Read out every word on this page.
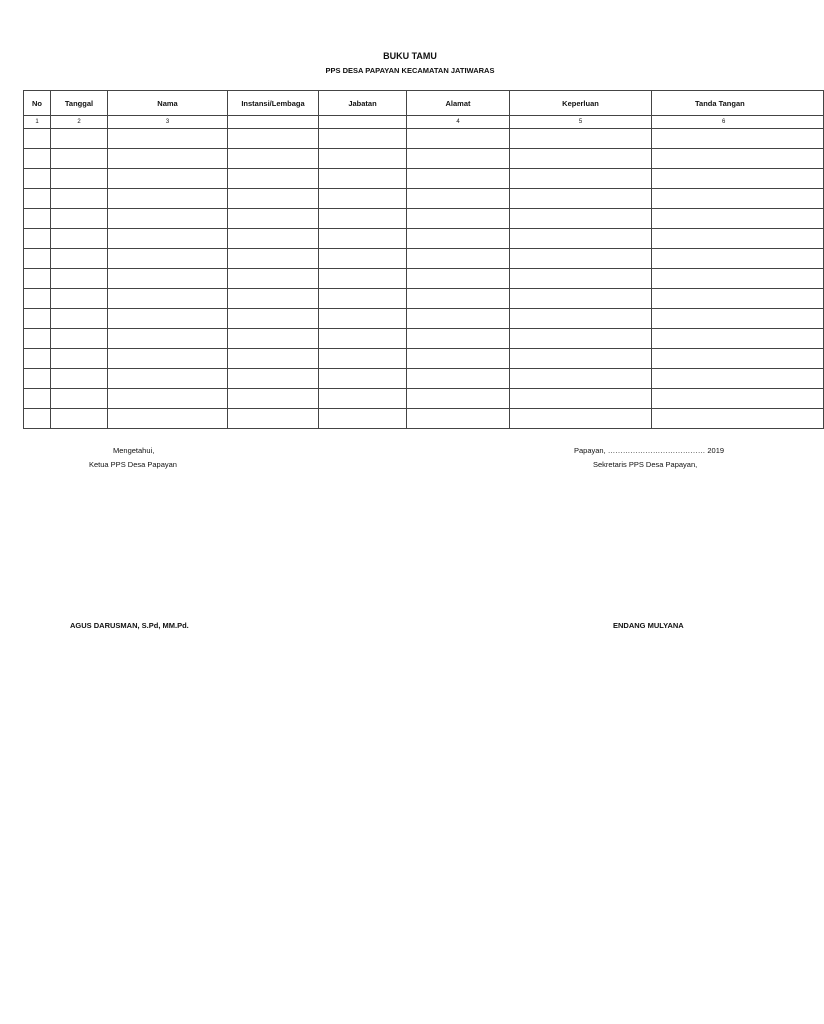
BUKU TAMU
PPS DESA PAPAYAN KECAMATAN JATIWARAS
No	Tanggal	Nama	Instansi/Lembaga	Jabatan	Alamat	Keperluan	Tanda Tangan
1	2	3			4	5	6

Mengetahui,
Ketua PPS Desa Papayan
AGUS DARUSMAN, S.Pd, MM.Pd.
Papayan, ………………………………… 2019
Sekretaris PPS Desa Papayan,
ENDANG MULYANA
